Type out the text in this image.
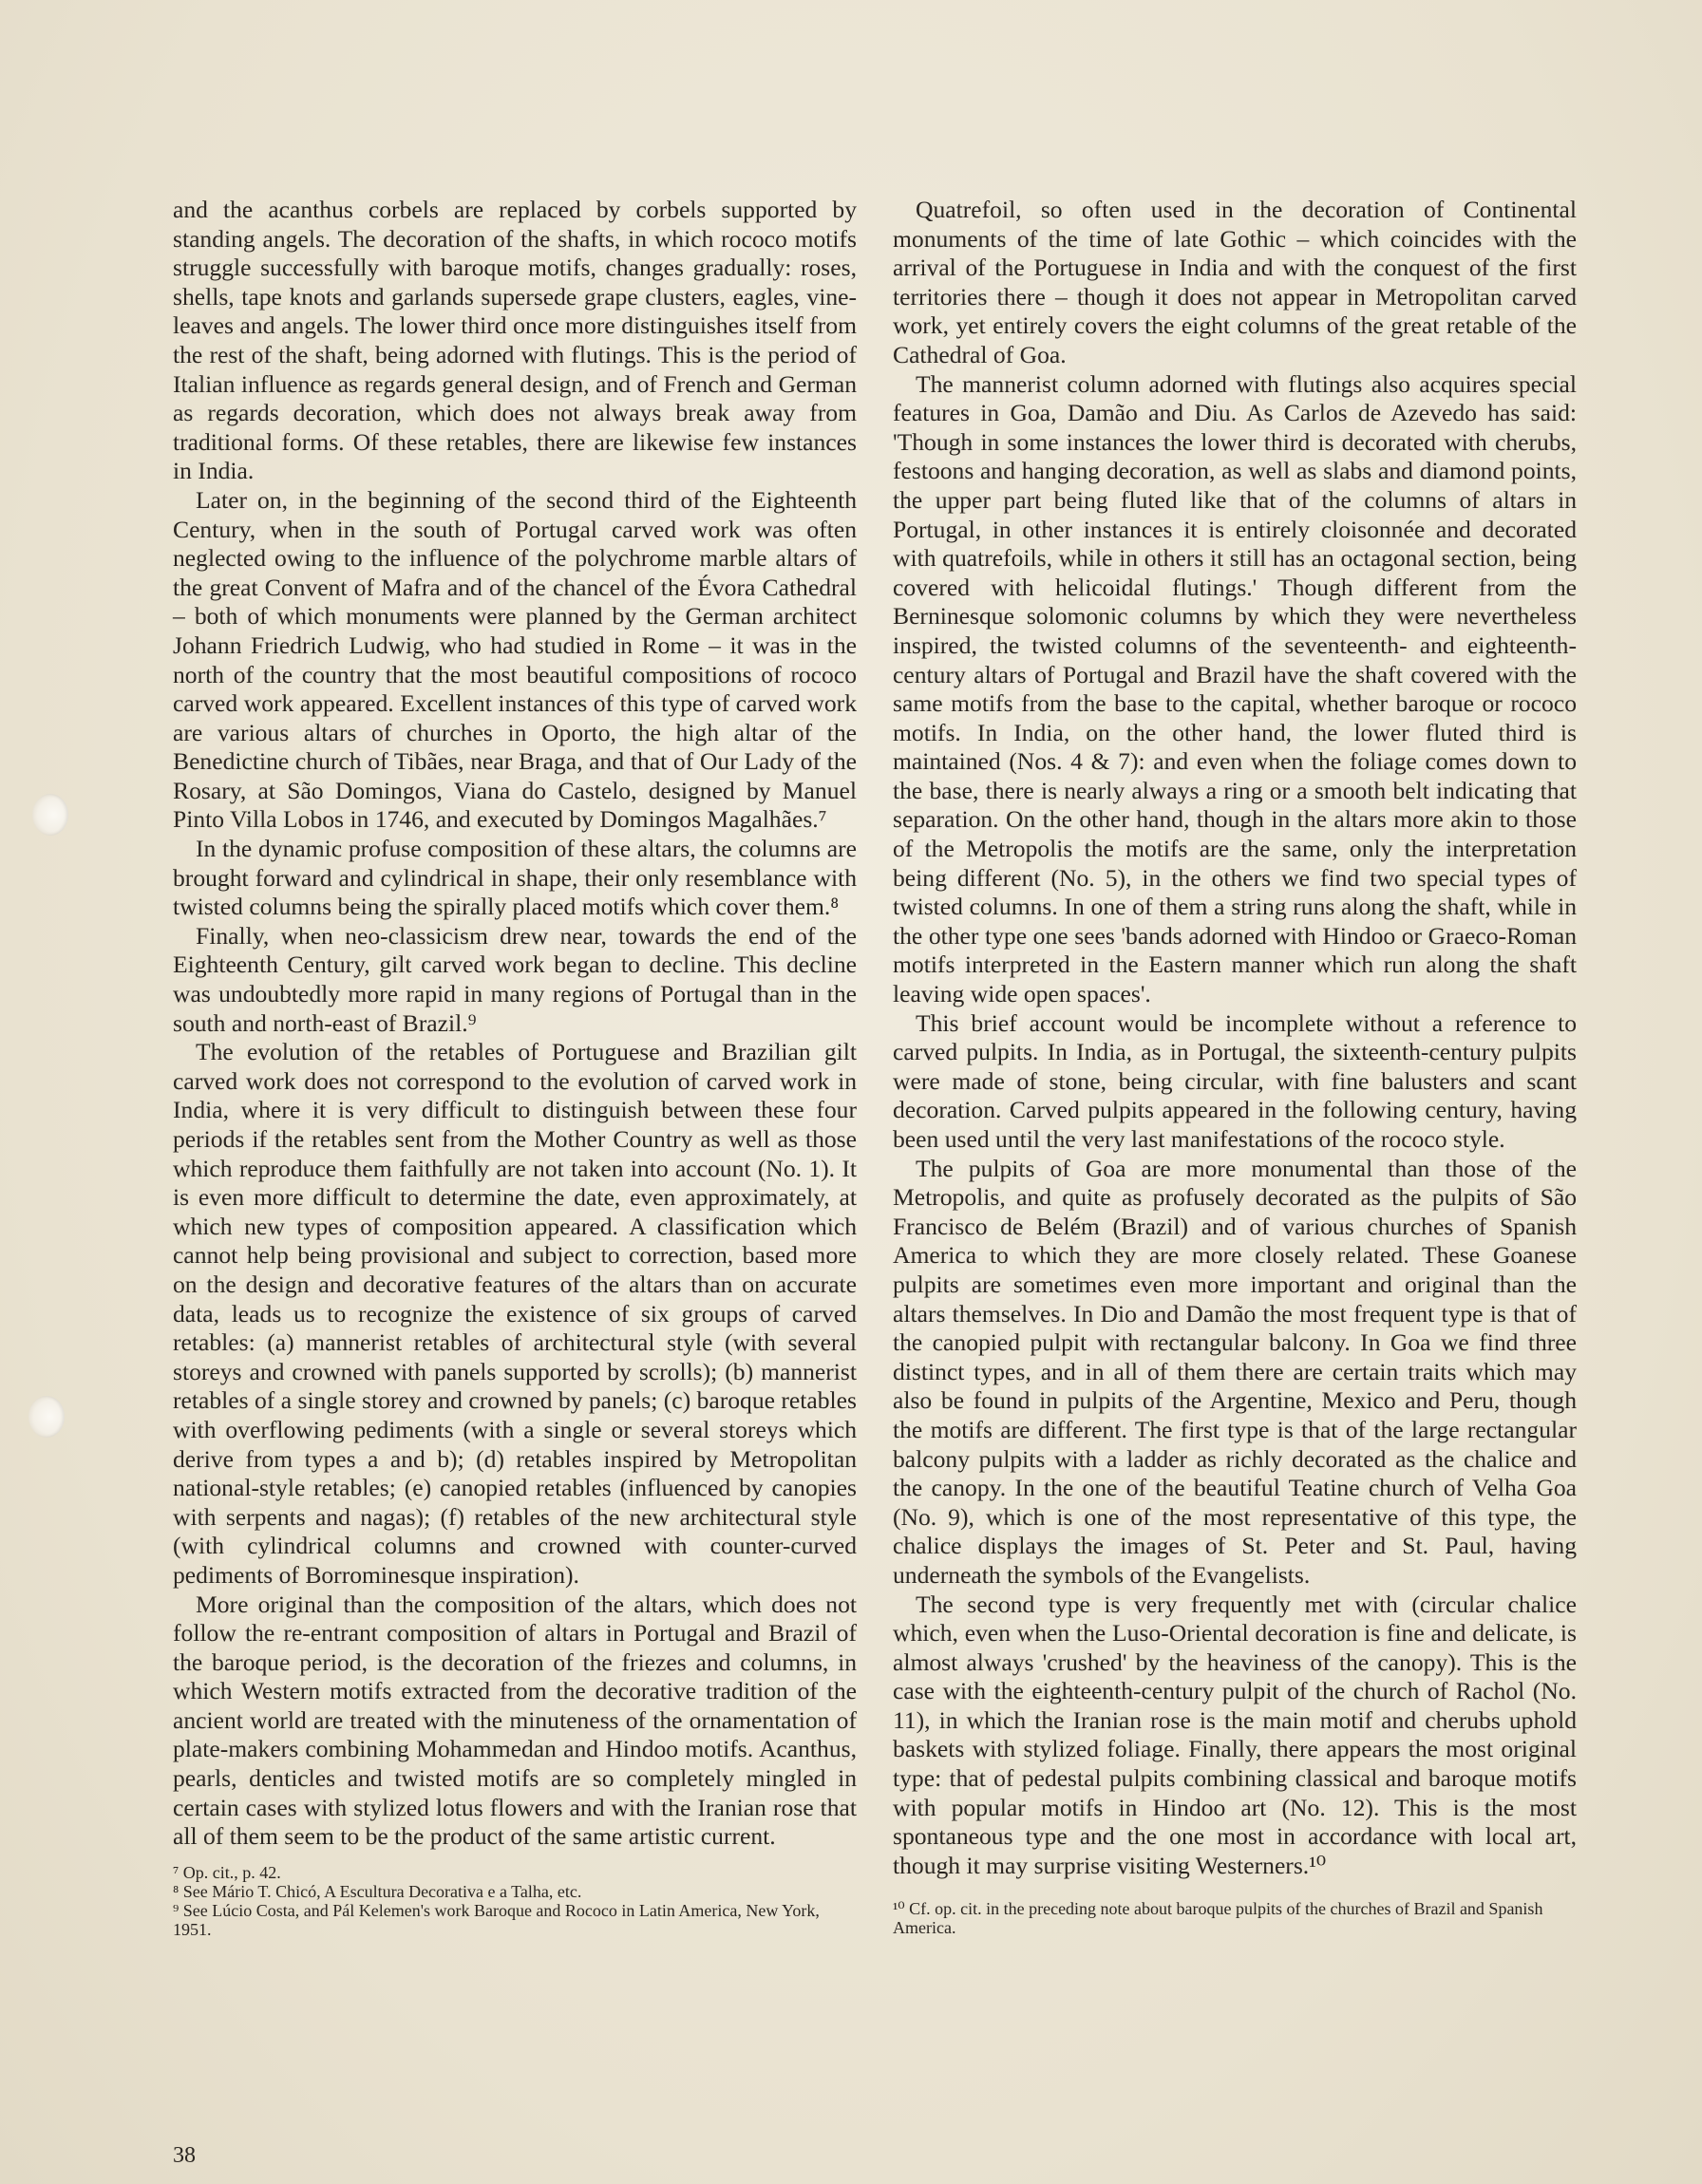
and the acanthus corbels are replaced by corbels supported by standing angels. The decoration of the shafts, in which rococo motifs struggle successfully with baroque motifs, changes gradually: roses, shells, tape knots and garlands supersede grape clusters, eagles, vine-leaves and angels. The lower third once more distinguishes itself from the rest of the shaft, being adorned with flutings. This is the period of Italian influence as regards general design, and of French and German as regards decoration, which does not always break away from traditional forms. Of these retables, there are likewise few instances in India.

Later on, in the beginning of the second third of the Eighteenth Century, when in the south of Portugal carved work was often neglected owing to the influence of the polychrome marble altars of the great Convent of Mafra and of the chancel of the Évora Cathedral – both of which monuments were planned by the German architect Johann Friedrich Ludwig, who had studied in Rome – it was in the north of the country that the most beautiful compositions of rococo carved work appeared. Excellent instances of this type of carved work are various altars of churches in Oporto, the high altar of the Benedictine church of Tibães, near Braga, and that of Our Lady of the Rosary, at São Domingos, Viana do Castelo, designed by Manuel Pinto Villa Lobos in 1746, and executed by Domingos Magalhães.⁷

In the dynamic profuse composition of these altars, the columns are brought forward and cylindrical in shape, their only resemblance with twisted columns being the spirally placed motifs which cover them.⁸

Finally, when neo-classicism drew near, towards the end of the Eighteenth Century, gilt carved work began to decline. This decline was undoubtedly more rapid in many regions of Portugal than in the south and north-east of Brazil.⁹

The evolution of the retables of Portuguese and Brazilian gilt carved work does not correspond to the evolution of carved work in India, where it is very difficult to distinguish between these four periods if the retables sent from the Mother Country as well as those which reproduce them faithfully are not taken into account (No. 1). It is even more difficult to determine the date, even approximately, at which new types of composition appeared. A classification which cannot help being provisional and subject to correction, based more on the design and decorative features of the altars than on accurate data, leads us to recognize the existence of six groups of carved retables: (a) mannerist retables of architectural style (with several storeys and crowned with panels supported by scrolls); (b) mannerist retables of a single storey and crowned by panels; (c) baroque retables with overflowing pediments (with a single or several storeys which derive from types a and b); (d) retables inspired by Metropolitan national-style retables; (e) canopied retables (influenced by canopies with serpents and nagas); (f) retables of the new architectural style (with cylindrical columns and crowned with counter-curved pediments of Borrominesque inspiration).

More original than the composition of the altars, which does not follow the re-entrant composition of altars in Portugal and Brazil of the baroque period, is the decoration of the friezes and columns, in which Western motifs extracted from the decorative tradition of the ancient world are treated with the minuteness of the ornamentation of plate-makers combining Mohammedan and Hindoo motifs. Acanthus, pearls, denticles and twisted motifs are so completely mingled in certain cases with stylized lotus flowers and with the Iranian rose that all of them seem to be the product of the same artistic current.

⁷ Op. cit., p. 42.
⁸ See Mário T. Chicó, A Escultura Decorativa e a Talha, etc.
⁹ See Lúcio Costa, and Pál Kelemen's work Baroque and Rococo in Latin America, New York, 1951.

Quatrefoil, so often used in the decoration of Continental monuments of the time of late Gothic – which coincides with the arrival of the Portuguese in India and with the conquest of the first territories there – though it does not appear in Metropolitan carved work, yet entirely covers the eight columns of the great retable of the Cathedral of Goa.

The mannerist column adorned with flutings also acquires special features in Goa, Damão and Diu. As Carlos de Azevedo has said: 'Though in some instances the lower third is decorated with cherubs, festoons and hanging decoration, as well as slabs and diamond points, the upper part being fluted like that of the columns of altars in Portugal, in other instances it is entirely cloisonnée and decorated with quatrefoils, while in others it still has an octagonal section, being covered with helicoidal flutings.' Though different from the Berninesque solomonic columns by which they were nevertheless inspired, the twisted columns of the seventeenth- and eighteenth-century altars of Portugal and Brazil have the shaft covered with the same motifs from the base to the capital, whether baroque or rococo motifs. In India, on the other hand, the lower fluted third is maintained (Nos. 4 & 7): and even when the foliage comes down to the base, there is nearly always a ring or a smooth belt indicating that separation. On the other hand, though in the altars more akin to those of the Metropolis the motifs are the same, only the interpretation being different (No. 5), in the others we find two special types of twisted columns. In one of them a string runs along the shaft, while in the other type one sees 'bands adorned with Hindoo or Graeco-Roman motifs interpreted in the Eastern manner which run along the shaft leaving wide open spaces'.

This brief account would be incomplete without a reference to carved pulpits. In India, as in Portugal, the sixteenth-century pulpits were made of stone, being circular, with fine balusters and scant decoration. Carved pulpits appeared in the following century, having been used until the very last manifestations of the rococo style.

The pulpits of Goa are more monumental than those of the Metropolis, and quite as profusely decorated as the pulpits of São Francisco de Belém (Brazil) and of various churches of Spanish America to which they are more closely related. These Goanese pulpits are sometimes even more important and original than the altars themselves. In Dio and Damão the most frequent type is that of the canopied pulpit with rectangular balcony. In Goa we find three distinct types, and in all of them there are certain traits which may also be found in pulpits of the Argentine, Mexico and Peru, though the motifs are different. The first type is that of the large rectangular balcony pulpits with a ladder as richly decorated as the chalice and the canopy. In the one of the beautiful Teatine church of Velha Goa (No. 9), which is one of the most representative of this type, the chalice displays the images of St. Peter and St. Paul, having underneath the symbols of the Evangelists.

The second type is very frequently met with (circular chalice which, even when the Luso-Oriental decoration is fine and delicate, is almost always 'crushed' by the heaviness of the canopy). This is the case with the eighteenth-century pulpit of the church of Rachol (No. 11), in which the Iranian rose is the main motif and cherubs uphold baskets with stylized foliage. Finally, there appears the most original type: that of pedestal pulpits combining classical and baroque motifs with popular motifs in Hindoo art (No. 12). This is the most spontaneous type and the one most in accordance with local art, though it may surprise visiting Westerners.¹⁰

¹⁰ Cf. op. cit. in the preceding note about baroque pulpits of the churches of Brazil and Spanish America.
38
